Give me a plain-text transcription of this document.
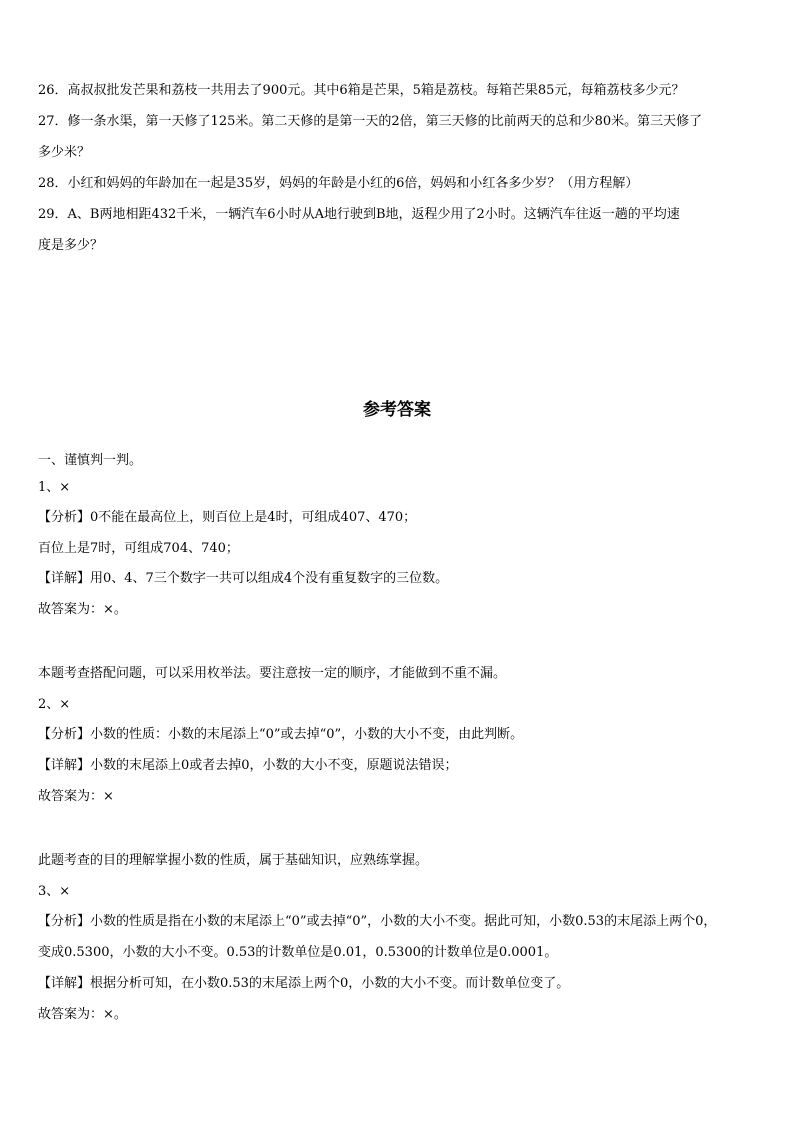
26．高叔叔批发芒果和荔枝一共用去了900元。其中6箱是芒果，5箱是荔枝。每箱芒果85元，每箱荔枝多少元？
27．修一条水渠，第一天修了125米。第二天修的是第一天的2倍，第三天修的比前两天的总和少80米。第三天修了
多少米？
28．小红和妈妈的年龄加在一起是35岁，妈妈的年龄是小红的6倍，妈妈和小红各多少岁？（用方程解）
29．A、B两地相距432千米，一辆汽车6小时从A地行驶到B地，返程少用了2小时。这辆汽车往返一趟的平均速
度是多少？
参考答案
一、谨慎判一判。
1、×
【分析】0不能在最高位上，则百位上是4时，可组成407、470；
百位上是7时，可组成704、740；
【详解】用0、4、7三个数字一共可以组成4个没有重复数字的三位数。
故答案为：×。
本题考查搭配问题，可以采用枚举法。要注意按一定的顺序，才能做到不重不漏。
2、×
【分析】小数的性质：小数的末尾添上“0”或去掉“0”，小数的大小不变，由此判断。
【详解】小数的末尾添上0或者去掉0，小数的大小不变，原题说法错误；
故答案为：×
此题考查的目的理解掌握小数的性质，属于基础知识，应熟练掌握。
3、×
【分析】小数的性质是指在小数的末尾添上“0”或去掉“0”，小数的大小不变。据此可知，小数0.53的末尾添上两个0，
变成0.5300，小数的大小不变。0.53的计数单位是0.01，0.5300的计数单位是0.0001。
【详解】根据分析可知，在小数0.53的末尾添上两个0，小数的大小不变。而计数单位变了。
故答案为：×。
